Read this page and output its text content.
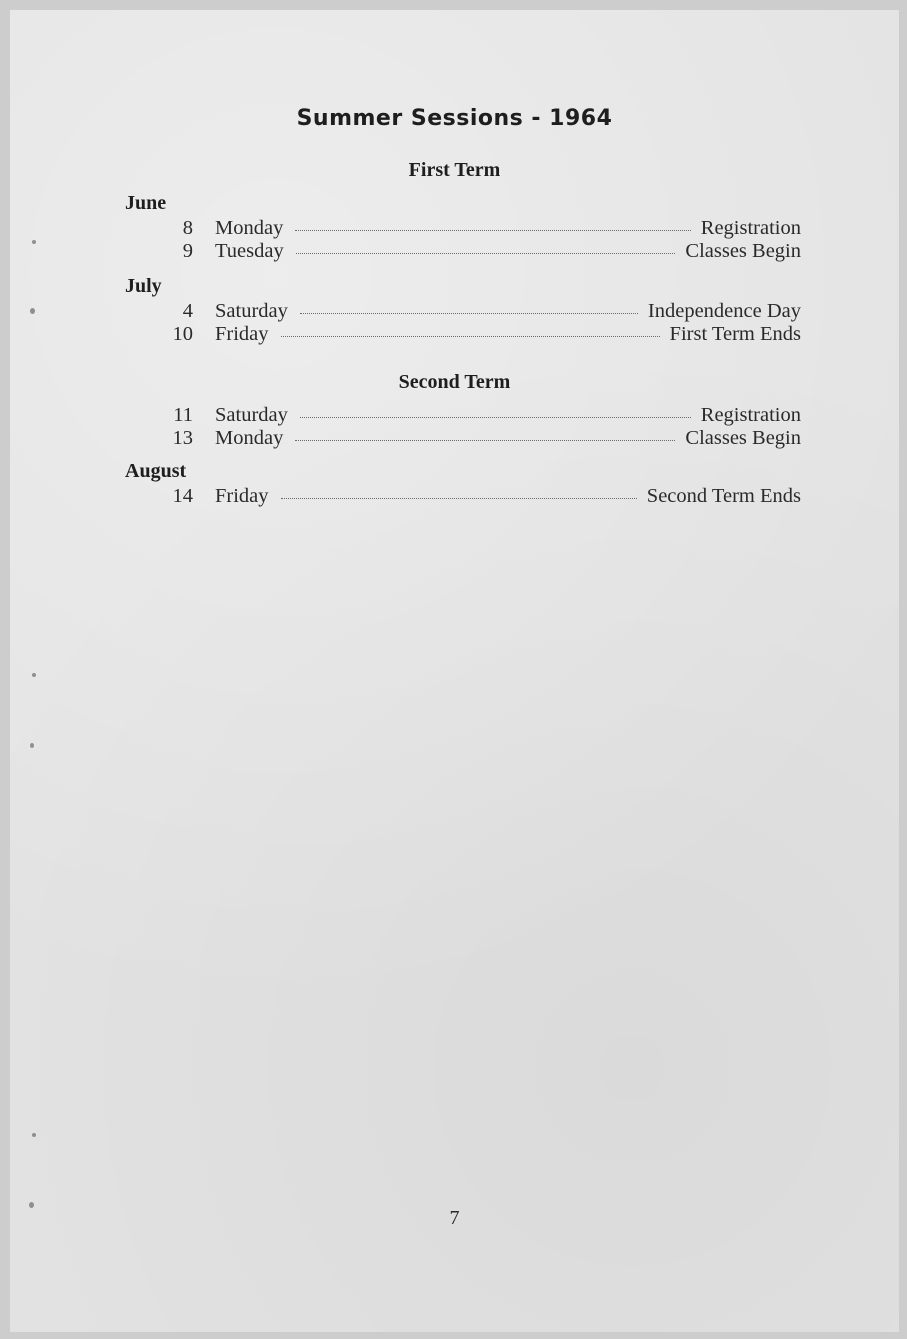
Summer Sessions - 1964
First Term
June
8 Monday	Registration
9 Tuesday	Classes Begin
July
4 Saturday	Independence Day
10 Friday	First Term Ends
Second Term
11 Saturday	Registration
13 Monday	Classes Begin
August
14 Friday	Second Term Ends
7
